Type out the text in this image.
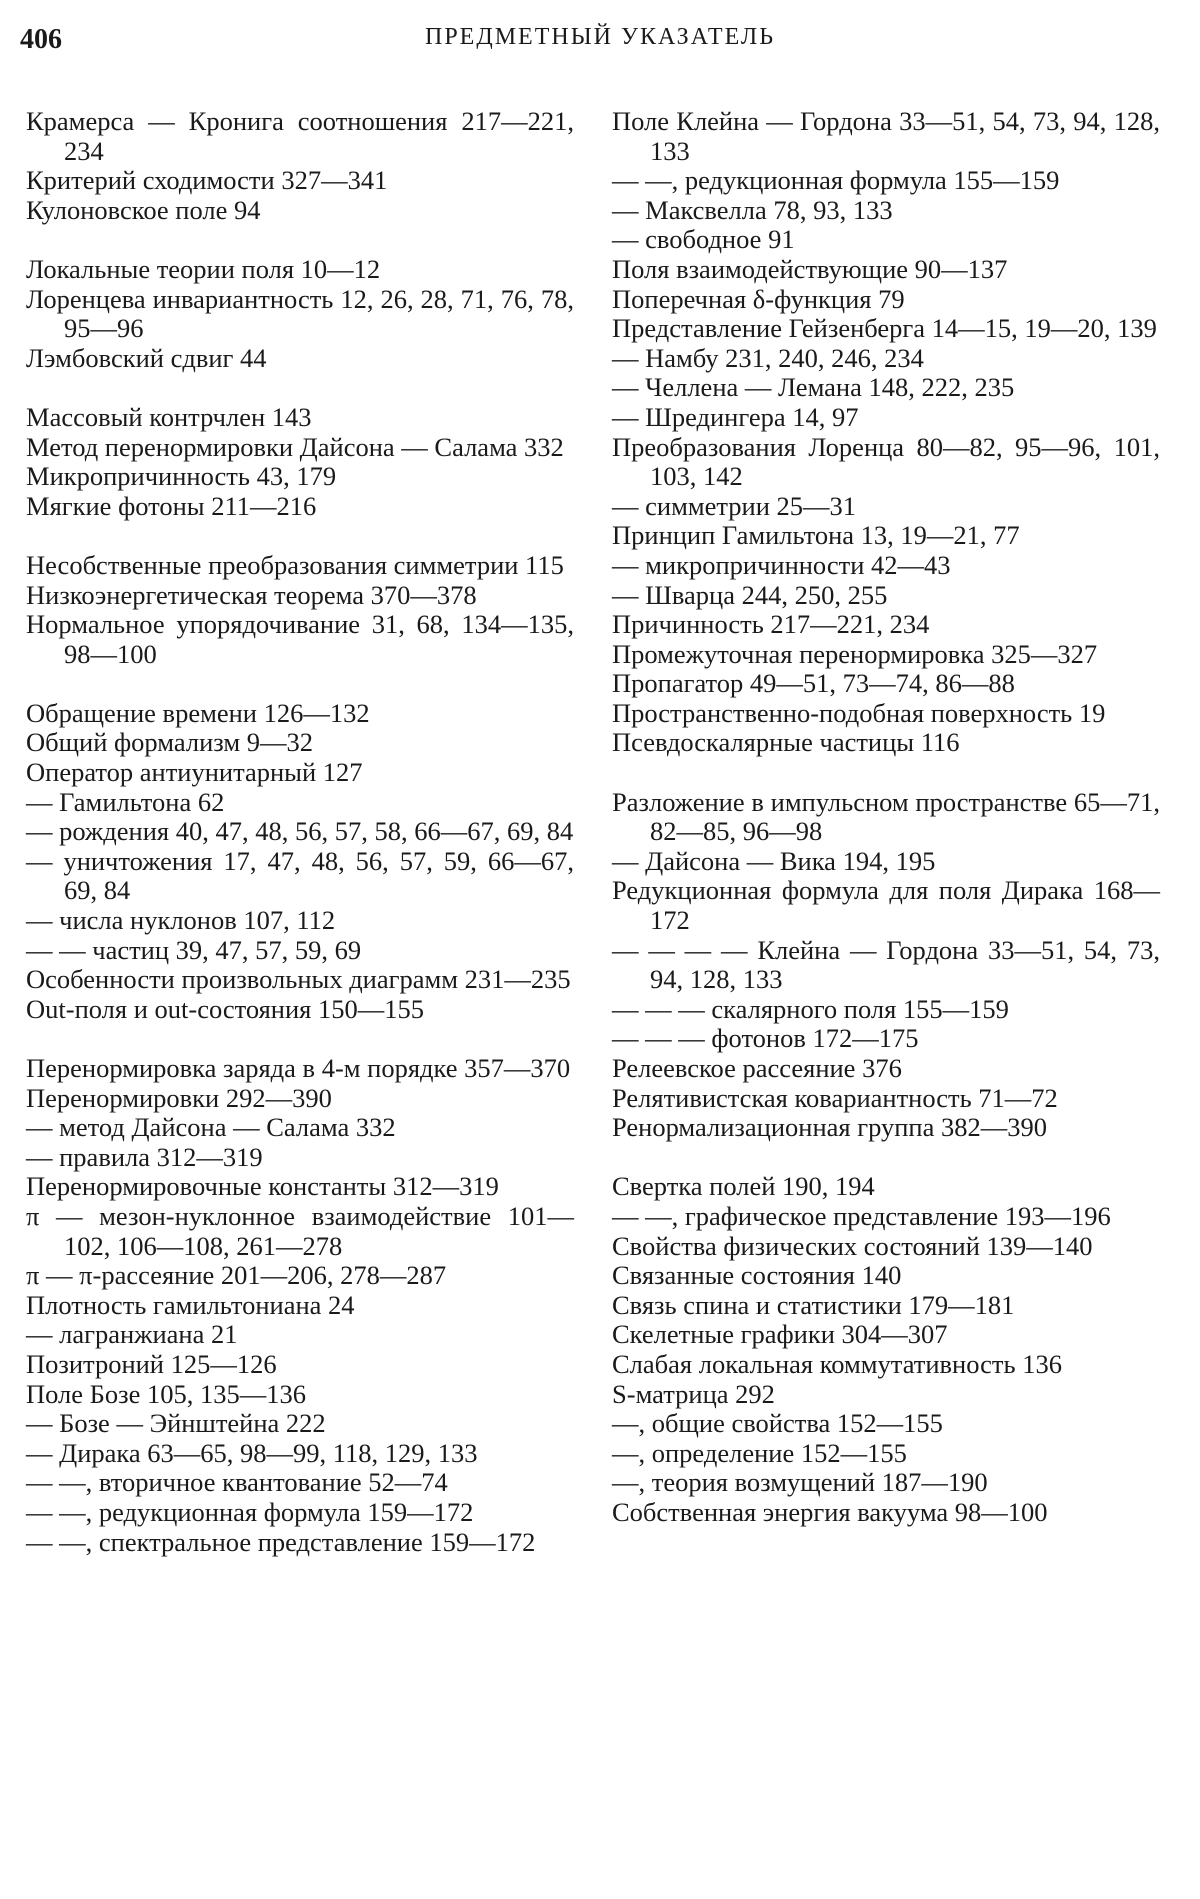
406	ПРЕДМЕТНЫЙ УКАЗАТЕЛЬ
Крамерса — Кронига соотношения 217—221, 234
Критерий сходимости 327—341
Кулоновское поле 94
Локальные теории поля 10—12
Лоренцева инвариантность 12, 26, 28, 71, 76, 78, 95—96
Лэмбовский сдвиг 44
Массовый контрчлен 143
Метод перенормировки Дайсона — Салама 332
Микропричинность 43, 179
Мягкие фотоны 211—216
Несобственные преобразования симметрии 115
Низкоэнергетическая теорема 370—378
Нормальное упорядочивание 31, 68, 134—135, 98—100
Обращение времени 126—132
Общий формализм 9—32
Оператор антиунитарный 127
— Гамильтона 62
— рождения 40, 47, 48, 56, 57, 58, 66—67, 69, 84
— уничтожения 17, 47, 48, 56, 57, 59, 66—67, 69, 84
— числа нуклонов 107, 112
— — частиц 39, 47, 57, 59, 69
Особенности произвольных диаграмм 231—235
Out-поля и out-состояния 150—155
Перенормировка заряда в 4-м порядке 357—370
Перенормировки 292—390
— метод Дайсона — Салама 332
— правила 312—319
Перенормировочные константы 312—319
π — мезон-нуклонное взаимодействие 101—102, 106—108, 261—278
π — π-рассеяние 201—206, 278—287
Плотность гамильтониана 24
— лагранжиана 21
Позитроний 125—126
Поле Бозе 105, 135—136
— Бозе — Эйнштейна 222
— Дирака 63—65, 98—99, 118, 129, 133
— —, вторичное квантование 52—74
— —, редукционная формула 159—172
— —, спектральное представление 159—172
Поле Клейна — Гордона 33—51, 54, 73, 94, 128, 133
— —, редукционная формула 155—159
— Максвелла 78, 93, 133
— свободное 91
Поля взаимодействующие 90—137
Поперечная δ-функция 79
Представление Гейзенберга 14—15, 19—20, 139
— Намбу 231, 240, 246, 234
— Челлена — Лемана 148, 222, 235
— Шредингера 14, 97
Преобразования Лоренца 80—82, 95—96, 101, 103, 142
— симметрии 25—31
Принцип Гамильтона 13, 19—21, 77
— микропричинности 42—43
— Шварца 244, 250, 255
Причинность 217—221, 234
Промежуточная перенормировка 325—327
Пропагатор 49—51, 73—74, 86—88
Пространственно-подобная поверхность 19
Псевдоскалярные частицы 116
Разложение в импульсном пространстве 65—71, 82—85, 96—98
— Дайсона — Вика 194, 195
Редукционная формула для поля Дирака 168—172
— — — — Клейна — Гордона 33—51, 54, 73, 94, 128, 133
— — — скалярного поля 155—159
— — — фотонов 172—175
Релеевское рассеяние 376
Релятивистская ковариантность 71—72
Ренормализационная группа 382—390
Свертка полей 190, 194
— —, графическое представление 193—196
Свойства физических состояний 139—140
Связанные состояния 140
Связь спина и статистики 179—181
Скелетные графики 304—307
Слабая локальная коммутативность 136
S-матрица 292
—, общие свойства 152—155
—, определение 152—155
—, теория возмущений 187—190
Собственная энергия вакуума 98—100
